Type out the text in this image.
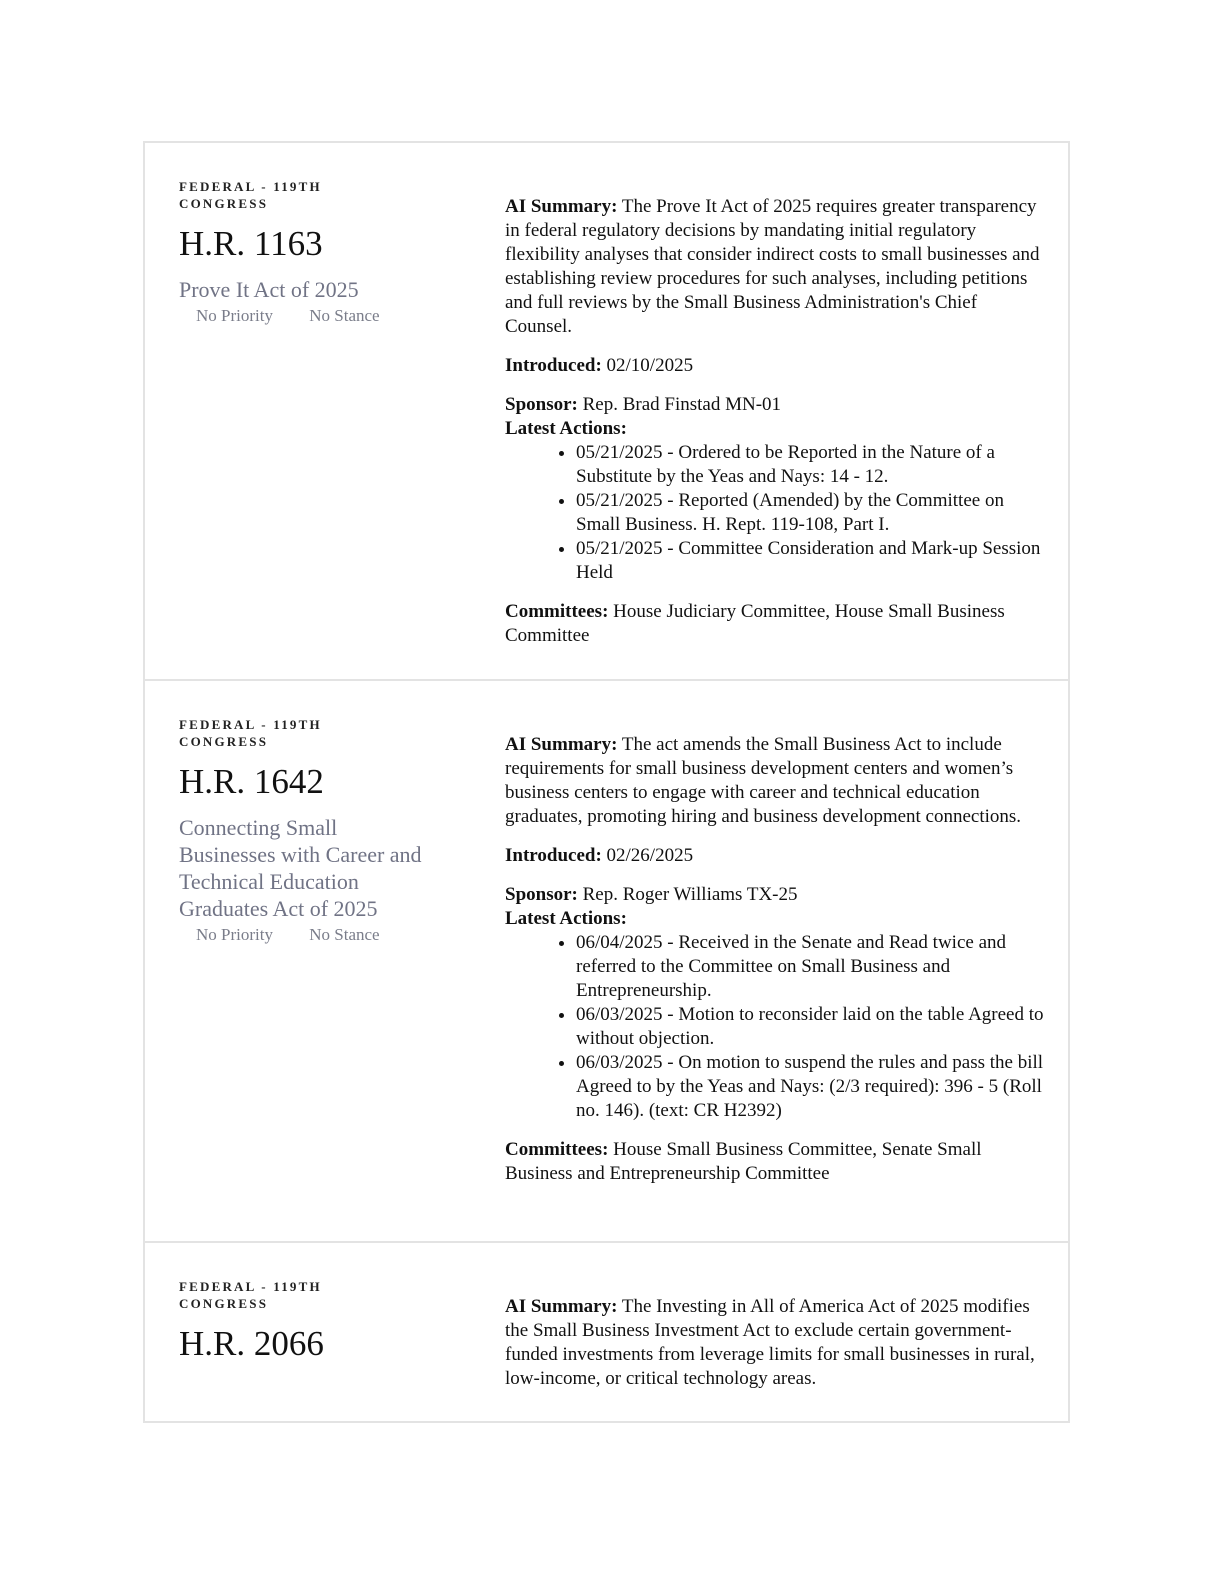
FEDERAL - 119TH CONGRESS
H.R. 1163
Prove It Act of 2025
No Priority No Stance

AI Summary: The Prove It Act of 2025 requires greater transparency in federal regulatory decisions by mandating initial regulatory flexibility analyses that consider indirect costs to small businesses and establishing review procedures for such analyses, including petitions and full reviews by the Small Business Administration's Chief Counsel.

Introduced: 02/10/2025

Sponsor: Rep. Brad Finstad MN-01

Latest Actions:
• 05/21/2025 - Ordered to be Reported in the Nature of a Substitute by the Yeas and Nays: 14 - 12.
• 05/21/2025 - Reported (Amended) by the Committee on Small Business. H. Rept. 119-108, Part I.
• 05/21/2025 - Committee Consideration and Mark-up Session Held

Committees: House Judiciary Committee, House Small Business Committee

FEDERAL - 119TH CONGRESS
H.R. 1642
Connecting Small Businesses with Career and Technical Education Graduates Act of 2025
No Priority No Stance

AI Summary: The act amends the Small Business Act to include requirements for small business development centers and women’s business centers to engage with career and technical education graduates, promoting hiring and business development connections.

Introduced: 02/26/2025

Sponsor: Rep. Roger Williams TX-25

Latest Actions:
• 06/04/2025 - Received in the Senate and Read twice and referred to the Committee on Small Business and Entrepreneurship.
• 06/03/2025 - Motion to reconsider laid on the table Agreed to without objection.
• 06/03/2025 - On motion to suspend the rules and pass the bill Agreed to by the Yeas and Nays: (2/3 required): 396 - 5 (Roll no. 146). (text: CR H2392)

Committees: House Small Business Committee, Senate Small Business and Entrepreneurship Committee

FEDERAL - 119TH CONGRESS
H.R. 2066

AI Summary: The Investing in All of America Act of 2025 modifies the Small Business Investment Act to exclude certain government-funded investments from leverage limits for small businesses in rural, low-income, or critical technology areas.
